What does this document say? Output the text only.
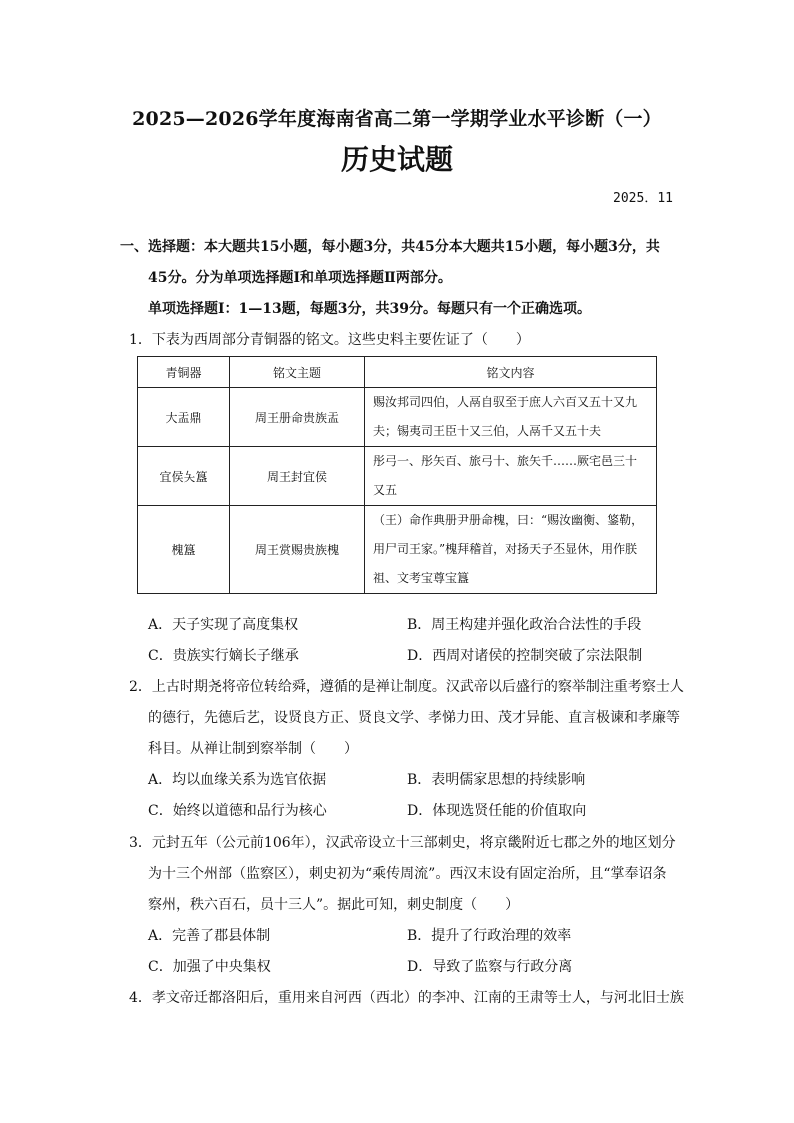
2025—2026学年度海南省高二第一学期学业水平诊断（一）
历史试题
2025．11
一、选择题：本大题共15小题，每小题3分，共45分本大题共15小题，每小题3分，共
45分。分为单项选择题Ⅰ和单项选择题Ⅱ两部分。
单项选择题Ⅰ：1—13题，每题3分，共39分。每题只有一个正确选项。
1．下表为西周部分青铜器的铭文。这些史料主要佐证了（　　）
青铜器	铭文主题	铭文内容
大盂鼎	周王册命贵族盂	赐汝邦司四伯，人鬲自驭至于庶人六百又五十又九
夫；锡夷司王臣十又三伯，人鬲千又五十夫

宜侯夨簋	周王封宜侯	彤弓一、彤矢百、旅弓十、旅矢千……厥宅邑三十
又五

槐簋	周王赏赐贵族槐	（王）命作典册尹册命槐，曰：“赐汝幽衡、鋚勒，
用尸司王家。”槐拜稽首，对扬天子丕显休，用作朕
祖、文考宝尊宝簋
A．天子实现了高度集权	B．周王构建并强化政治合法性的手段
C．贵族实行嫡长子继承	D．西周对诸侯的控制突破了宗法限制
2．上古时期尧将帝位转给舜，遵循的是禅让制度。汉武帝以后盛行的察举制注重考察士人
的德行，先德后艺，设贤良方正、贤良文学、孝悌力田、茂才异能、直言极谏和孝廉等
科目。从禅让制到察举制（　　）
A．均以血缘关系为选官依据	B．表明儒家思想的持续影响
C．始终以道德和品行为核心	D．体现选贤任能的价值取向
3．元封五年（公元前106年），汉武帝设立十三部刺史，将京畿附近七郡之外的地区划分
为十三个州部（监察区），刺史初为“乘传周流”。西汉末设有固定治所，且“掌奉诏条
察州，秩六百石，员十三人”。据此可知，刺史制度（　　）
A．完善了郡县体制	B．提升了行政治理的效率
C．加强了中央集权	D．导致了监察与行政分离
4．孝文帝迁都洛阳后，重用来自河西（西北）的李冲、江南的王肃等士人，与河北旧士族
